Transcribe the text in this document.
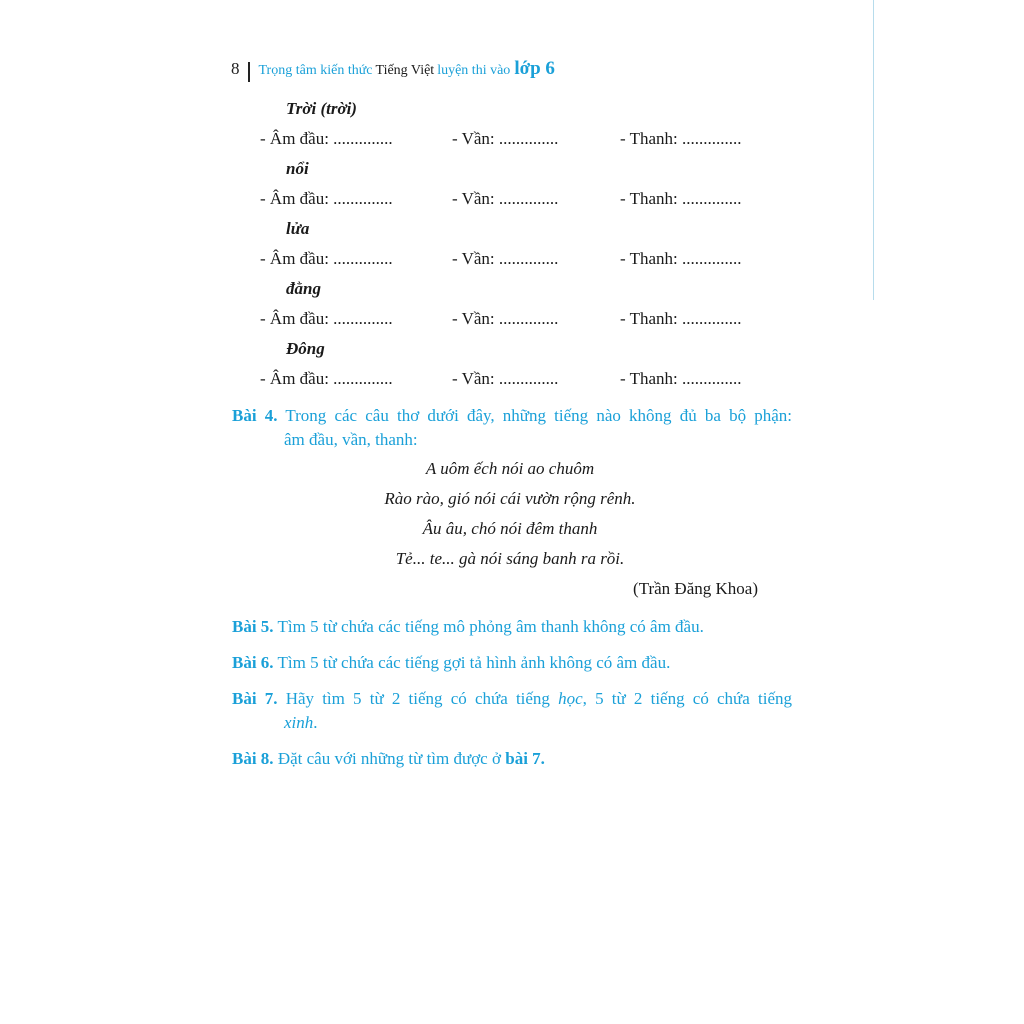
8 Trọng tâm kiến thức Tiếng Việt luyện thi vào lớp 6
Trời (trời)
- Âm đầu: ..............	- Vần: ..............	- Thanh: ..............
nổi
- Âm đầu: ..............	- Vần: ..............	- Thanh: ..............
lửa
- Âm đầu: ..............	- Vần: ..............	- Thanh: ..............
đằng
- Âm đầu: ..............	- Vần: ..............	- Thanh: ..............
Đông
- Âm đầu: ..............	- Vần: ..............	- Thanh: ..............
Bài 4. Trong các câu thơ dưới đây, những tiếng nào không đủ ba bộ phận:
âm đầu, vần, thanh:
A uôm ếch nói ao chuôm
Rào rào, gió nói cái vườn rộng rênh.
Âu âu, chó nói đêm thanh
Tẻ... te... gà nói sáng banh ra rồi.
(Trần Đăng Khoa)
Bài 5. Tìm 5 từ chứa các tiếng mô phỏng âm thanh không có âm đầu.
Bài 6. Tìm 5 từ chứa các tiếng gợi tả hình ảnh không có âm đầu.
Bài 7. Hãy tìm 5 từ 2 tiếng có chứa tiếng học, 5 từ 2 tiếng có chứa tiếng
xinh.
Bài 8. Đặt câu với những từ tìm được ở bài 7.
